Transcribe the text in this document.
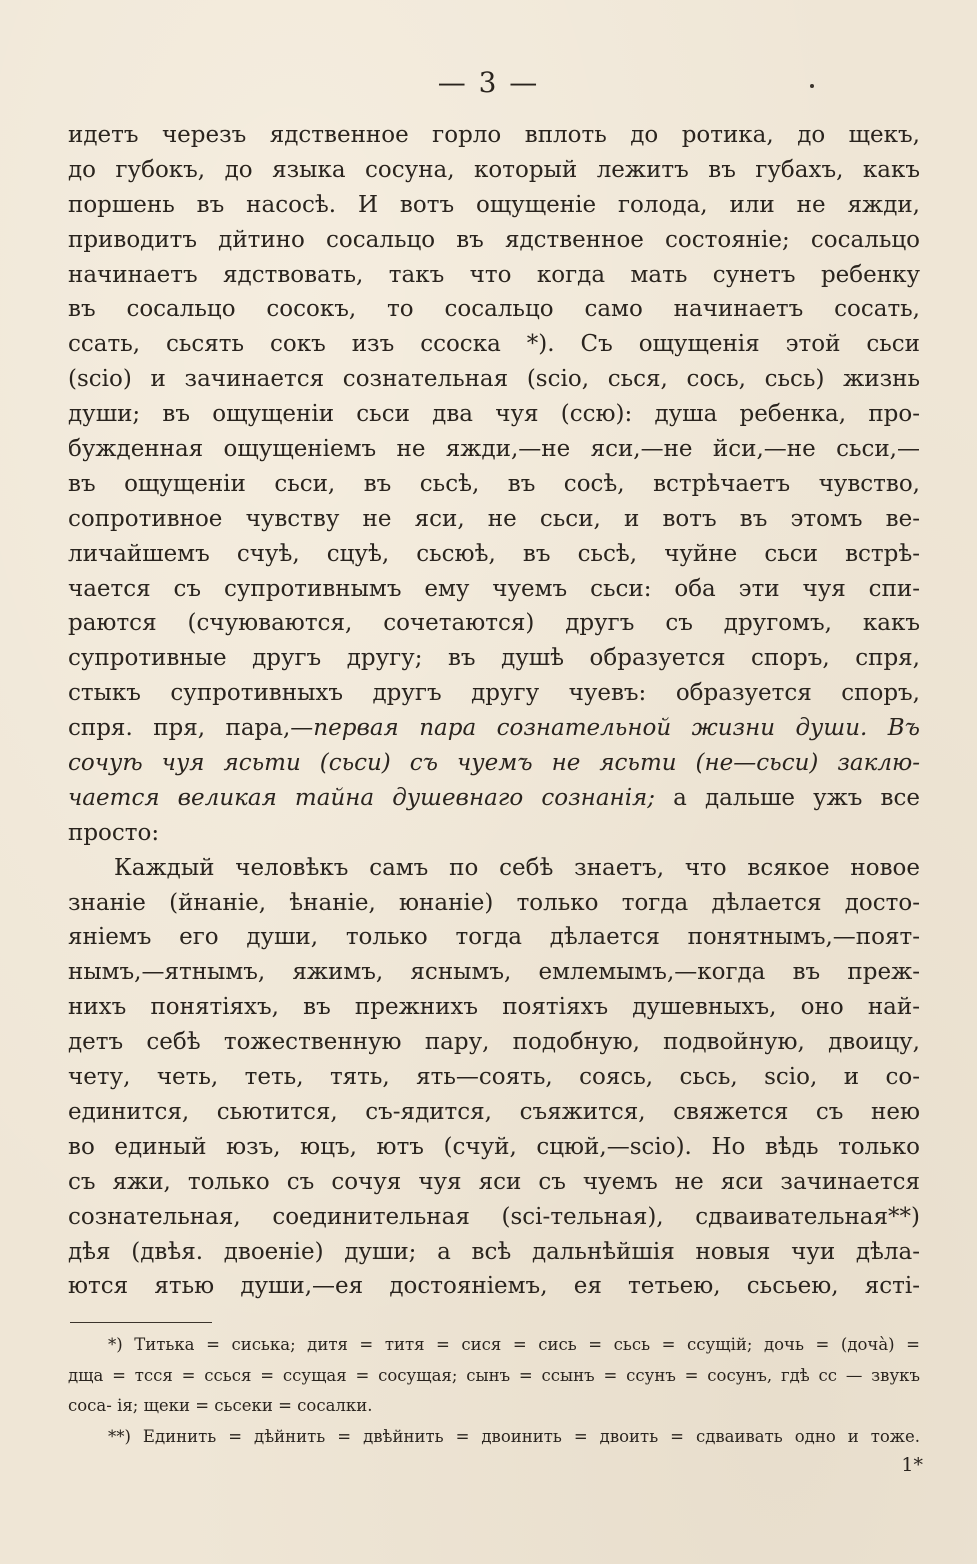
— 3 —
идетъ черезъ ядственное горло вплоть до ротика, до щекъ,
до губокъ, до языка сосуна, который лежитъ въ губахъ, какъ
поршень въ насосѣ. И вотъ ощущеніе голода, или не яжди,
приводитъ дйтино сосальцо въ ядственное состояніе; сосальцо
начинаетъ ядствовать, такъ что когда мать сунетъ ребенку
въ сосальцо сосокъ, то сосальцо само начинаетъ сосать,
ссать, сьсять сокъ изъ ссоска *). Съ ощущенія этой сьси
(scio) и зачинается сознательная (scio, сься, сось, сьсь) жизнь
души; въ ощущеніи сьси два чуя (ссю): душа ребенка, про-
бужденная ощущеніемъ не яжди,—не яси,—не йси,—не сьси,—
въ ощущеніи сьси, въ сьсѣ, въ сосѣ, встрѣчаетъ чувство,
сопротивное чувству не яси, не сьси, и вотъ въ этомъ ве-
личайшемъ счуѣ, сцуѣ, сьсюѣ, въ сьсѣ, чуйне сьси встрѣ-
чается съ супротивнымъ ему чуемъ сьси: оба эти чуя спи-
раются (счуюваются, сочетаются) другъ съ другомъ, какъ
супротивные другъ другу; въ душѣ образуется споръ, спря,
стыкъ супротивныхъ другъ другу чуевъ: образуется споръ,
спря. пря, пара,—первая пара сознательной жизни души. Въ
сочуѣ чуя ясьти (сьси) съ чуемъ не ясьти (не—сьси) заклю-
чается великая тайна душевнаго сознанія; а дальше ужъ все
просто:
Каждый человѣкъ самъ по себѣ знаетъ, что всякое новое
знаніе (йнаніе, ѣнаніе, юнаніе) только тогда дѣлается досто-
яніемъ его души, только тогда дѣлается понятнымъ,—поят-
нымъ,—ятнымъ, яжимъ, яснымъ, емлемымъ,—когда въ преж-
нихъ понятіяхъ, въ прежнихъ поятіяхъ душевныхъ, оно най-
детъ себѣ тожественную пару, подобную, подвойную, двоицу,
чету, четь, теть, тять, ять—соять, соясь, сьсь, scio, и со-
единится, сьютится, съ-ядится, съяжится, свяжется съ нею
во единый юзъ, юцъ, ютъ (счуй, сцюй,—scio). Но вѣдь только
съ яжи, только съ сочуя чуя яси съ чуемъ не яси зачинается
сознательная, соединительная (sci-тельная), сдваивательная**)
дѣя (двѣя. двоеніе) души; а всѣ дальнѣйшія новыя чуи дѣла-
ются ятью души,—ея достояніемъ, ея тетьею, сьсьею, ясті-
*) Титька = сиська; дитя = титя = сися = сись = сьсь = ссущій; дочь = (дочà) =
дща = тсся = ссься = ссущая = сосущая; сынъ = ссынъ = ссунъ = сосунъ, гдѣ сс — звукъ
соса- ія; щеки = сьсеки = сосалки.
**) Единить = дѣйнить = двѣйнить = двоинить = двоить = сдваивать одно и тоже.
1*
